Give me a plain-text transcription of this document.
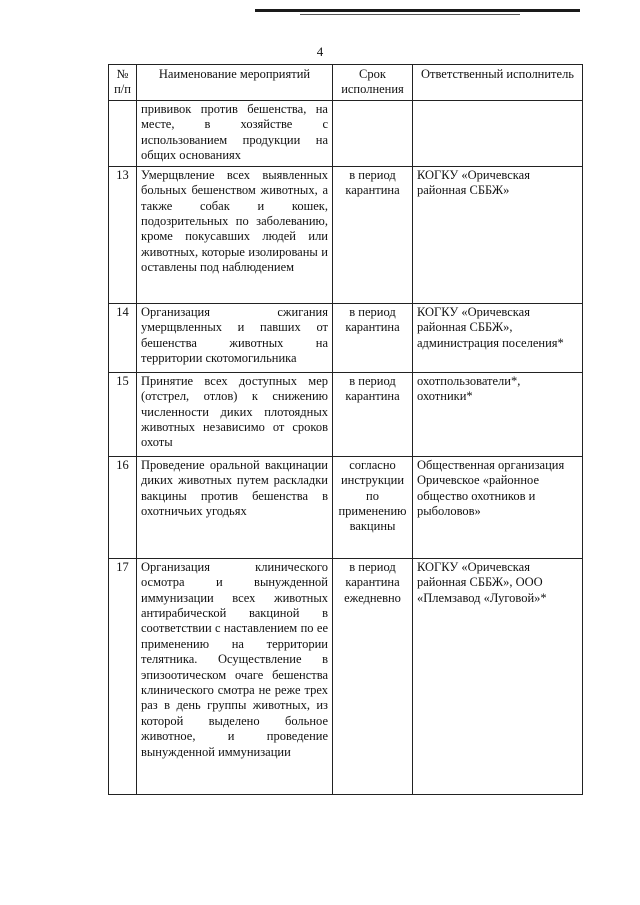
4
№ п/п	Наименование мероприятий	Срок исполнения	Ответственный исполнитель
	прививок против бешенства, на месте, в хозяйстве с использованием продукции на общих основаниях		
13	Умерщвление всех выявленных больных бешенством животных, а также собак и кошек, подозрительных по заболеванию, кроме покусавших людей или животных, которые изолированы и оставлены под наблюдением	в период карантина	КОГКУ «Оричевская районная СББЖ»
14	Организация сжигания умерщвленных и павших от бешенства животных на территории скотомогильника	в период карантина	КОГКУ «Оричевская районная СББЖ», администрация поселения*
15	Принятие всех доступных мер (отстрел, отлов) к снижению численности диких плотоядных животных независимо от сроков охоты	в период карантина	охотпользователи*, охотники*
16	Проведение оральной вакцинации диких животных путем раскладки вакцины против бешенства в охотничьих угодьях	согласно инструкции по применению вакцины	Общественная организация Оричевское «районное общество охотников и рыболовов»
17	Организация клинического осмотра и вынужденной иммунизации всех животных антирабической вакциной в соответствии с наставлением по ее применению на территории телятника. Осуществление в эпизоотическом очаге бешенства клинического смотра не реже трех раз в день группы животных, из которой выделено больное животное, и проведение вынужденной иммунизации	в период карантина ежедневно	КОГКУ «Оричевская районная СББЖ», ООО «Племзавод «Луговой»*
